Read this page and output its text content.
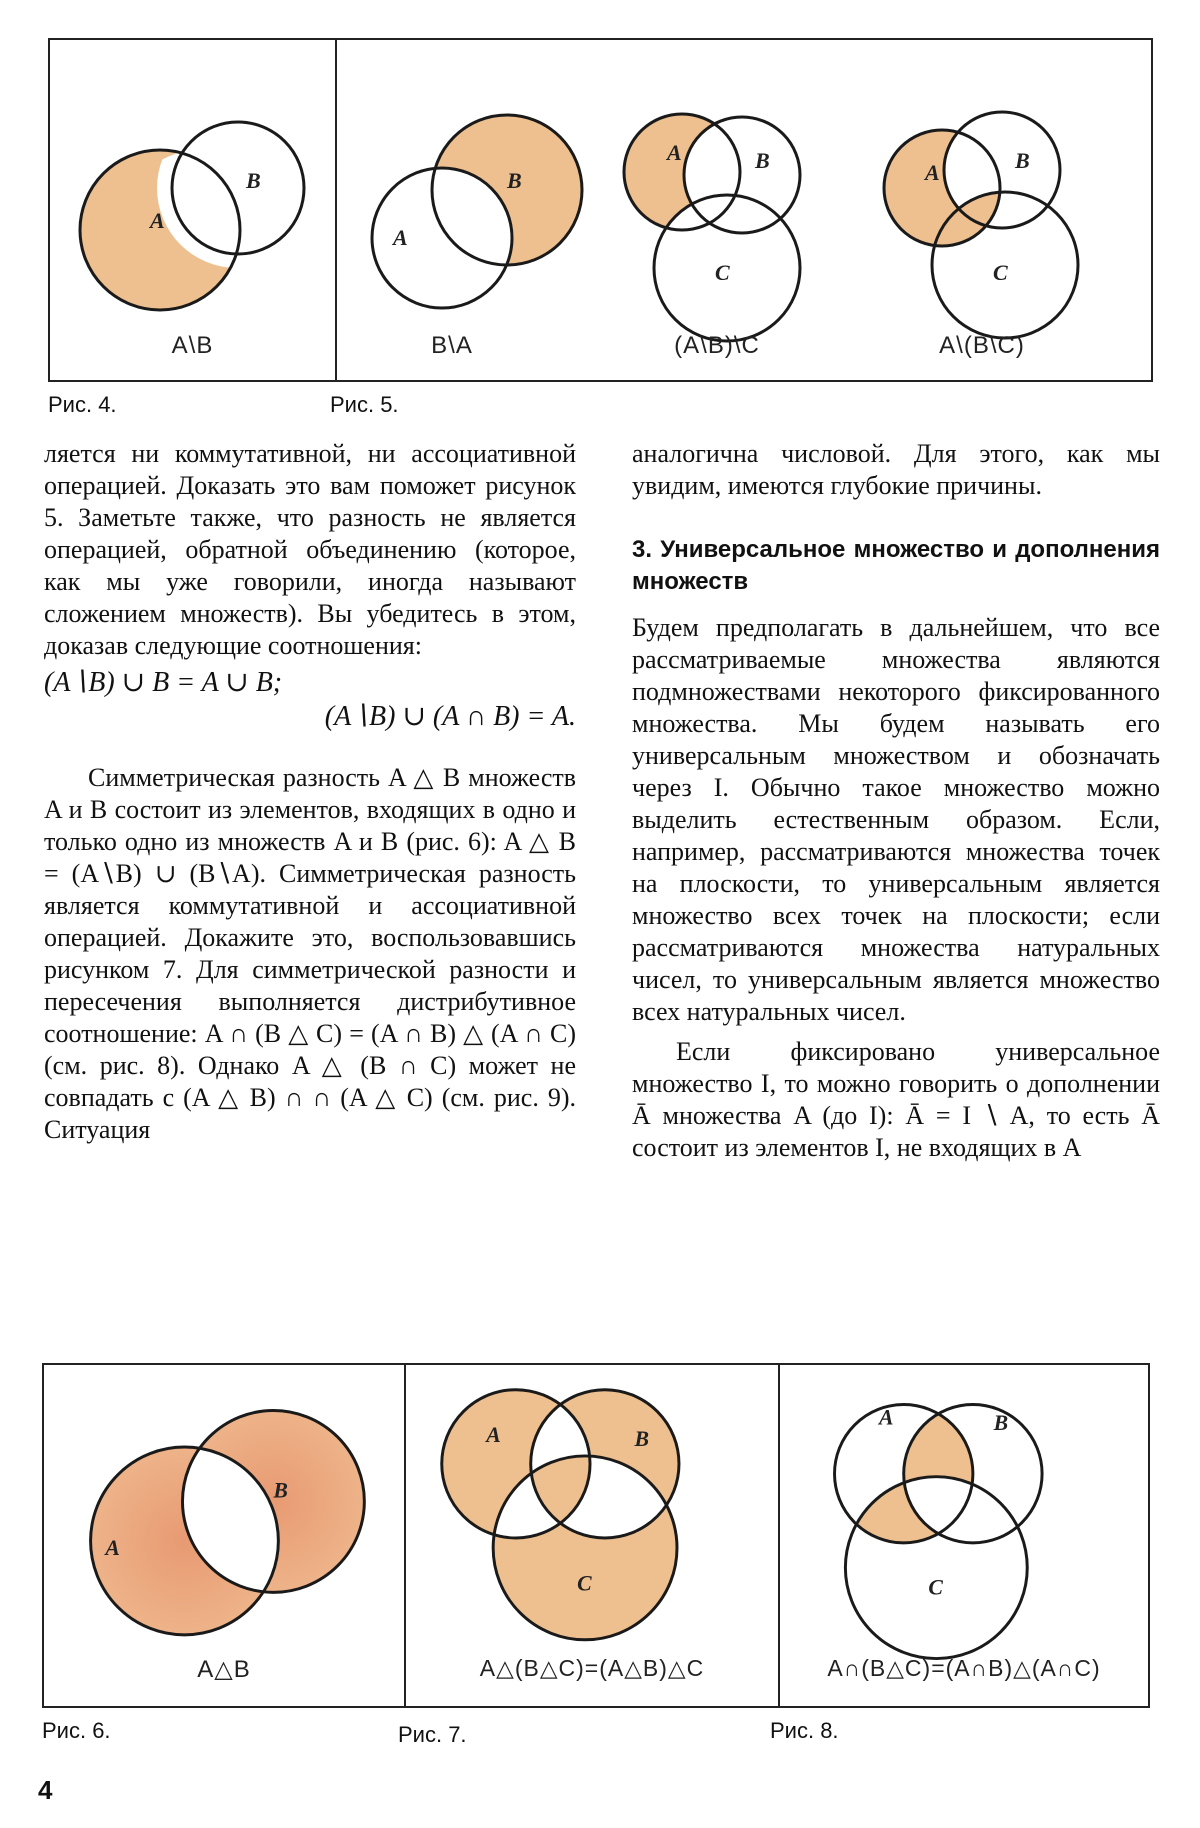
A
B
A\B
A
B
A	B
C
A	B
C
B\A	(A\B)\C	A\(B\C)
Рис. 4.	Рис. 5.

ляется ни коммутативной, ни ассоциативной операцией. Доказать это вам поможет рисунок 5. Заметьте также, что разность не является операцией, обратной объединению (которое, как мы уже говорили, иногда называют сложением множеств). Вы убедитесь в этом, доказав следующие соотношения:

(A∖B) ∪ B = A ∪ B;
(A∖B) ∪ (A ∩ B) = A.

Симметрическая разность A △ B множеств A и B состоит из элементов, входящих в одно и только одно из множеств A и B (рис. 6): A △ B = (A∖B) ∪ (B∖A). Симметрическая разность является коммутативной и ассоциативной операцией. Докажите это, воспользовавшись рисунком 7. Для симметрической разности и пересечения выполняется дистрибутивное соотношение: A ∩ (B △ C) = (A ∩ B) △ (A ∩ C) (см. рис. 8). Однако A △ (B ∩ C) может не совпадать с (A △ B) ∩ ∩ (A △ C) (см. рис. 9). Ситуация

аналогична числовой. Для этого, как мы увидим, имеются глубокие причины.

3. Универсальное множество и дополнения множеств

Будем предполагать в дальнейшем, что все рассматриваемые множества являются подмножествами некоторого фиксированного множества. Мы будем называть его универсальным множеством и обозначать через I. Обычно такое множество можно выделить естественным образом. Если, например, рассматриваются множества точек на плоскости, то универсальным является множество всех точек на плоскости; если рассматриваются множества натуральных чисел, то универсальным является множество всех натуральных чисел.

Если фиксировано универсальное множество I, то можно говорить о дополнении Ā множества A (до I): Ā = I ∖ A, то есть Ā состоит из элементов I, не входящих в A

A
B
A△B
A	B
C
A△(B△C)=(A△B)△C
A	B
C
A∩(B△C)=(A∩B)△(A∩C)
Рис. 6.	Рис. 7.	Рис. 8.
4
